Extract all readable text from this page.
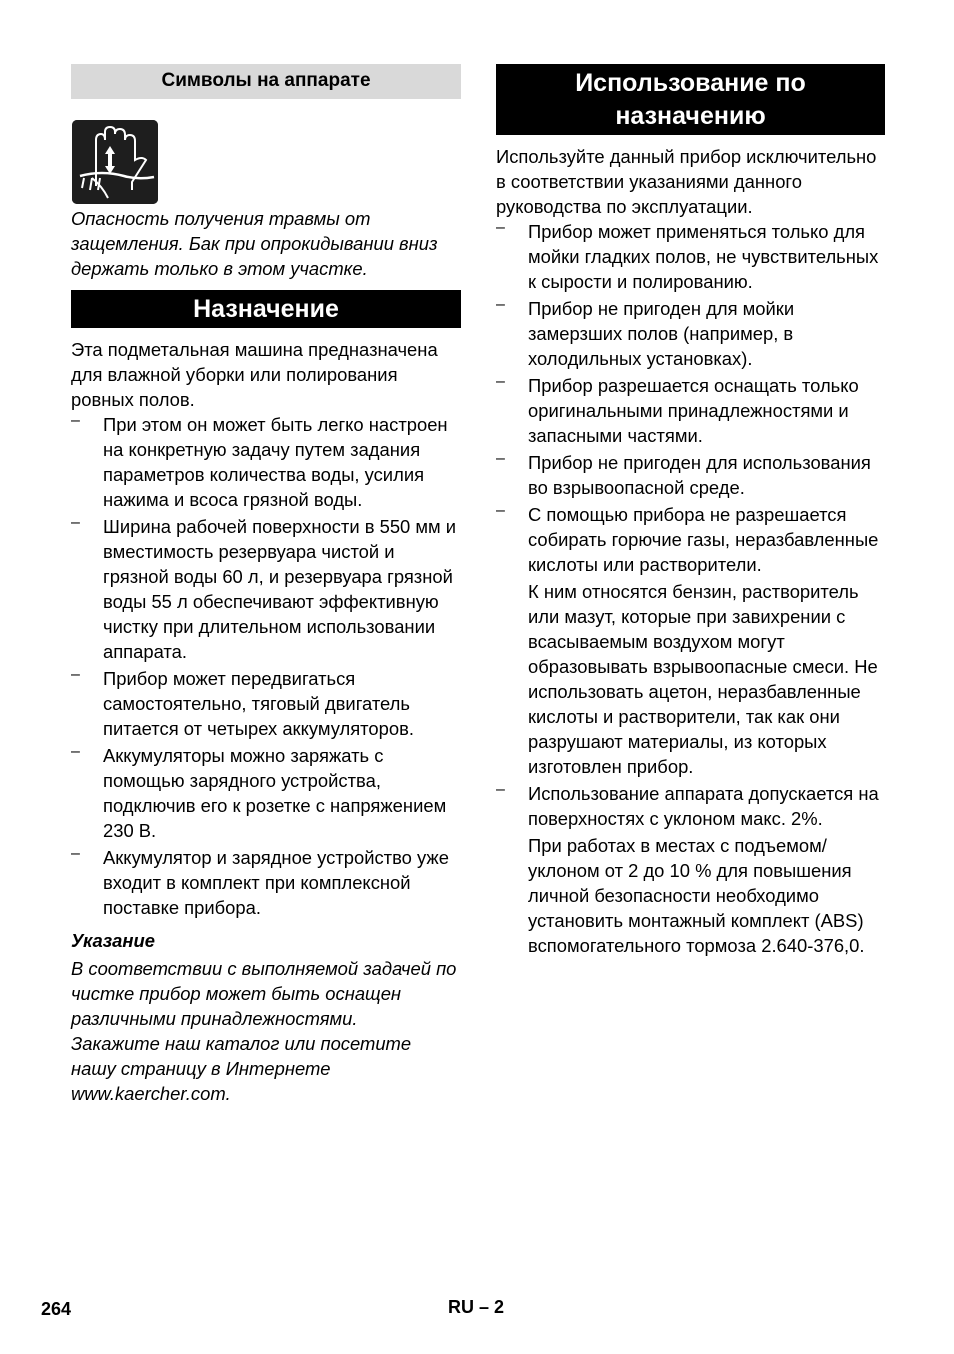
Символы на аппарате

Опасность получения травмы от защемления. Бак при опрокидывании вниз держать только в этом участке.

Назначение

Эта подметальная машина предназначена для влажной уборки или полирования ровных полов.

– При этом он может быть легко настроен на конкретную задачу путем задания параметров количества воды, усилия нажима и всоса грязной воды.
– Ширина рабочей поверхности в 550 мм и вместимость резервуара чистой и грязной воды 60 л, и резервуара грязной воды 55 л обеспечивают эффективную чистку при длительном использовании аппарата.
– Прибор может передвигаться самостоятельно, тяговый двигатель питается от четырех аккумуляторов.
– Аккумуляторы можно заряжать с помощью зарядного устройства, подключив его к розетке с напряжением 230 В.
– Аккумулятор и зарядное устройство уже входит в комплект при комплексной поставке прибора.

Указание

В соответствии с выполняемой задачей по чистке прибор может быть оснащен различными принадлежностями.

Закажите наш каталог или посетите нашу страницу в Интернете www.kaercher.com.

Использование по назначению

Используйте данный прибор исключительно в соответствии указаниями данного руководства по эксплуатации.

– Прибор может применяться только для мойки гладких полов, не чувствительных к сырости и полированию.
– Прибор не пригоден для мойки замерзших полов (например, в холодильных установках).
– Прибор разрешается оснащать только оригинальными принадлежностями и запасными частями.
– Прибор не пригоден для использования во взрывоопасной среде.
– С помощью прибора не разрешается собирать горючие газы, неразбавленные кислоты или растворители.
К ним относятся бензин, растворитель или мазут, которые при завихрении с всасываемым воздухом могут образовывать взрывоопасные смеси. Не использовать ацетон, неразбавленные кислоты и растворители, так как они разрушают материалы, из которых изготовлен прибор.
– Использование аппарата допускается на поверхностях с уклоном макс. 2%.
При работах в местах с подъемом/ уклоном от 2 до 10 % для повышения личной безопасности необходимо установить монтажный комплект (ABS) вспомогательного тормоза 2.640-376,0.
264	RU – 2
